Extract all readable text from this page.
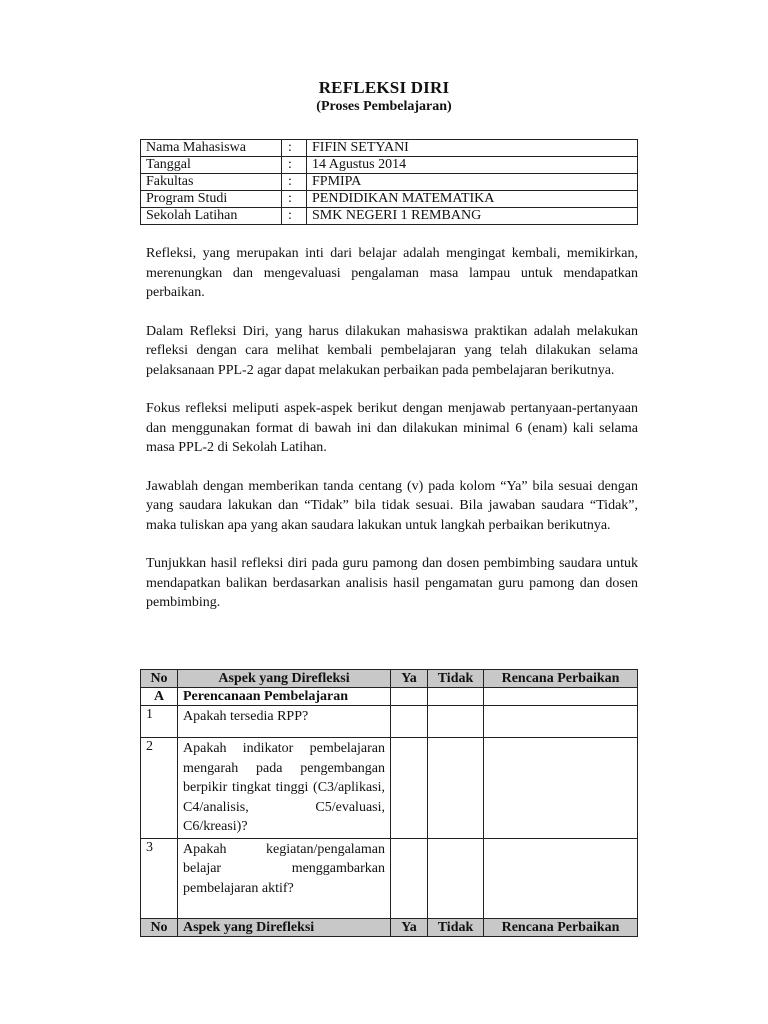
REFLEKSI DIRI
(Proses Pembelajaran)
Nama Mahasiswa	:	FIFIN SETYANI
Tanggal	:	14 Agustus 2014
Fakultas	:	FPMIPA
Program Studi	:	PENDIDIKAN MATEMATIKA
Sekolah Latihan	:	SMK NEGERI 1 REMBANG

Refleksi, yang merupakan inti dari belajar adalah mengingat kembali, memikirkan, merenungkan dan mengevaluasi pengalaman masa lampau untuk mendapatkan perbaikan.

Dalam Refleksi Diri, yang harus dilakukan mahasiswa praktikan adalah melakukan refleksi dengan cara melihat kembali pembelajaran yang telah dilakukan selama pelaksanaan PPL-2 agar dapat melakukan perbaikan pada pembelajaran berikutnya.

Fokus refleksi meliputi aspek-aspek berikut dengan menjawab pertanyaan-pertanyaan dan menggunakan format di bawah ini dan dilakukan minimal 6 (enam) kali selama masa PPL-2 di Sekolah Latihan.

Jawablah dengan memberikan tanda centang (v) pada kolom “Ya” bila sesuai dengan yang saudara lakukan dan “Tidak” bila tidak sesuai. Bila jawaban saudara “Tidak”, maka tuliskan apa yang akan saudara lakukan untuk langkah perbaikan berikutnya.

Tunjukkan hasil refleksi diri pada guru pamong dan dosen pembimbing saudara untuk mendapatkan balikan berdasarkan analisis hasil pengamatan guru pamong dan dosen pembimbing.

No	Aspek yang Direfleksi	Ya	Tidak	Rencana Perbaikan
A	Perencanaan Pembelajaran			
1	Apakah tersedia RPP?			
2	Apakah indikator pembelajaran mengarah pada pengembangan berpikir tingkat tinggi (C3/aplikasi, C4/analisis, C5/evaluasi, C6/kreasi)?			
3	Apakah kegiatan/pengalaman belajar menggambarkan pembelajaran aktif?			
No	Aspek yang Direfleksi	Ya	Tidak	Rencana Perbaikan
